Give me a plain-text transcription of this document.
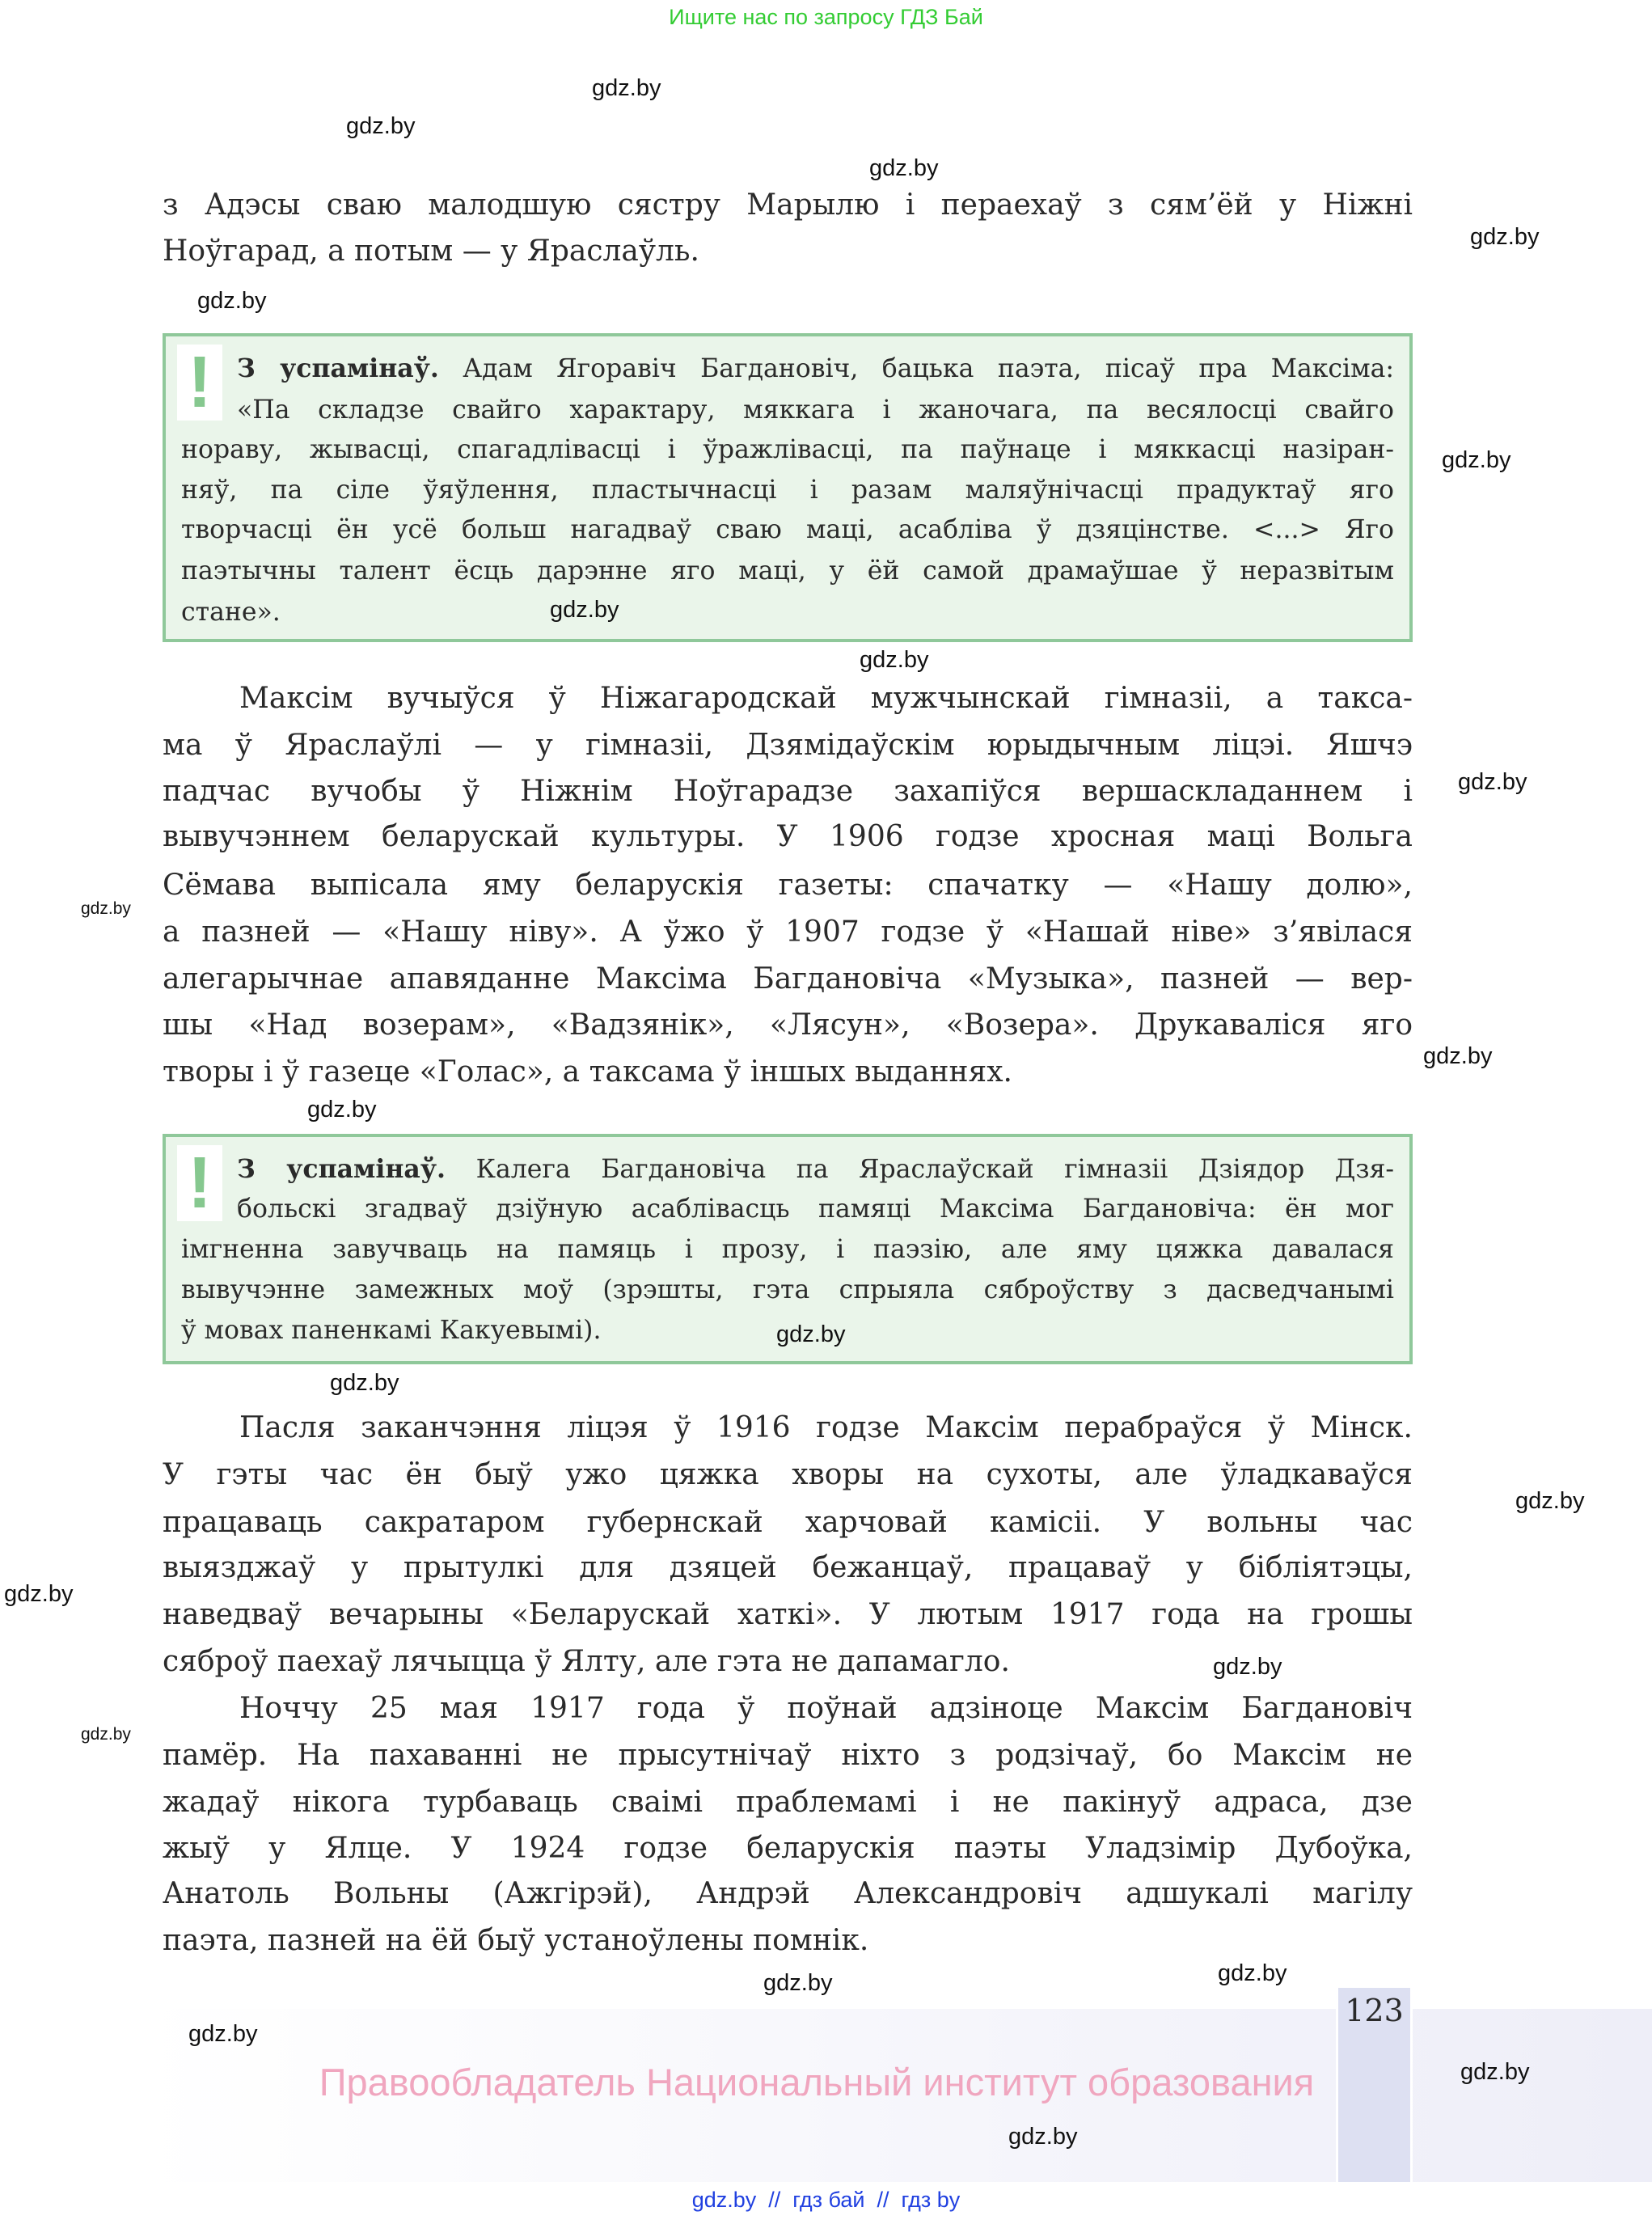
Ищите нас по запросу ГДЗ Бай
!
!
з Адэсы сваю малодшую сястру Марылю і пераехаў з сям’ёй у Ніжні
Ноўгарад, а потым — у Яраслаўль.
Максім вучыўся ў Ніжагародскай мужчынскай гімназіі, а такса-
ма ў Яраслаўлі — у гімназіі, Дзямідаўскім юрыдычным ліцэі. Яшчэ
падчас вучобы ў Ніжнім Ноўгарадзе захапіўся вершаскладаннем і
вывучэннем беларускай культуры. У 1906 годзе хросная маці Вольга
Сёмава выпісала яму беларускія газеты: спачатку — «Нашу долю»,
а пазней — «Нашу ніву». А ўжо ў 1907 годзе ў «Нашай ніве» з’явілася
алегарычнае апавяданне Максіма Багдановіча «Музыка», пазней — вер-
шы «Над возерам», «Вадзянік», «Лясун», «Возера». Друкаваліся яго
творы і ў газеце «Голас», а таксама ў іншых выданнях.
Пасля заканчэння ліцэя ў 1916 годзе Максім перабраўся ў Мінск.
У гэты час ён быў ужо цяжка хворы на сухоты, але ўладкаваўся
працаваць сакратаром губернскай харчовай камісіі. У вольны час
выязджаў у прытулкі для дзяцей бежанцаў, працаваў у бібліятэцы,
наведваў вечарыны «Беларускай хаткі». У лютым 1917 года на грошы
сяброў паехаў лячыцца ў Ялту, але гэта не дапамагло.
Ноччу 25 мая 1917 года ў поўнай адзіноце Максім Багдановіч
памёр. На пахаванні не прысутнічаў ніхто з родзічаў, бо Максім не
жадаў нікога турбаваць сваімі праблемамі і не пакінуў адраса, дзе
жыў у Ялце. У 1924 годзе беларускія паэты Уладзімір Дубоўка,
Анатоль Вольны (Ажгірэй), Андрэй Александровіч адшукалі магілу
паэта, пазней на ёй быў устаноўлены помнік.
З успамінаў. Адам Ягоравіч Багдановіч, бацька паэта, пісаў пра Максіма:
«Па складзе свайго характару, мяккага і жаночага, па весялосці свайго
нораву, жывасці, спагадлівасці і ўражлівасці, па паўнаце і мяккасці назіран-
няў, па сіле ўяўлення, пластычнасці і разам маляўнічасці прадуктаў яго
творчасці ён усё больш нагадваў сваю маці, асабліва ў дзяцінстве. <...> Яго
паэтычны талент ёсць дарэнне яго маці, у ёй самой драмаўшае ў неразвітым
стане».
З успамінаў. Калега Багдановіча па Яраслаўскай гімназіі Дзіядор Дзя-
больскі згадваў дзіўную асаблівасць памяці Максіма Багдановіча: ён мог
імгненна завучваць на памяць і прозу, і паэзію, але яму цяжка давалася
вывучэнне замежных моў (зрэшты, гэта спрыяла сяброўству з дасведчанымі
ў мовах паненкамі Какуевымі).
123
Правообладатель Национальный институт образования
gdz.by  //  гдз бай  //  гдз by
gdz.by
gdz.by
gdz.by
gdz.by
gdz.by
gdz.by
gdz.by
gdz.by
gdz.by
gdz.by
gdz.by
gdz.by
gdz.by
gdz.by
gdz.by
gdz.by
gdz.by
gdz.by
gdz.by
gdz.by
gdz.by
gdz.by
gdz.by
